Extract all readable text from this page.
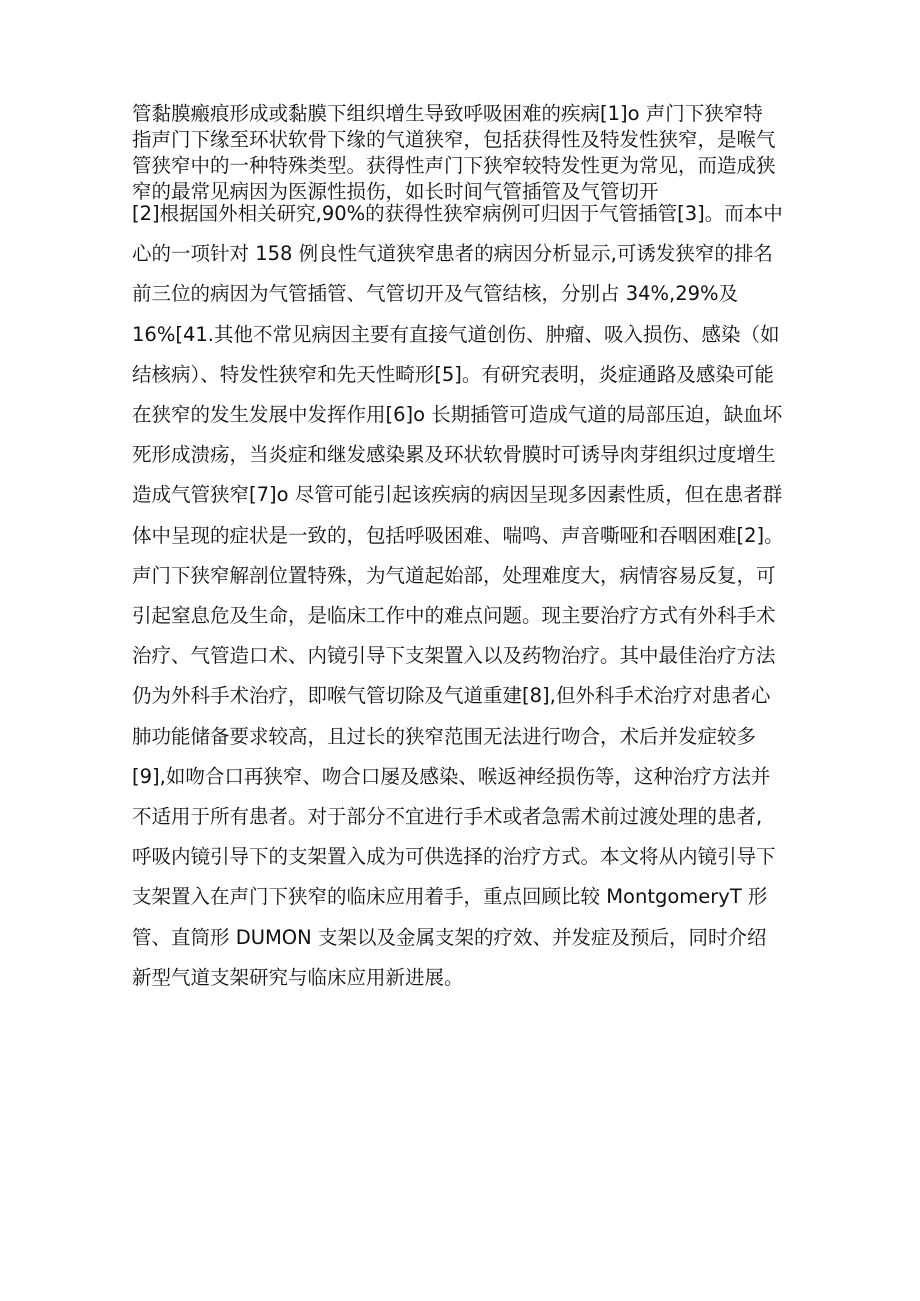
管黏膜瘢痕形成或黏膜下组织增生导致呼吸困难的疾病[1]o 声门下狭窄特
指声门下缘至环状软骨下缘的气道狭窄，包括获得性及特发性狭窄，是喉气
管狭窄中的一种特殊类型。获得性声门下狭窄较特发性更为常见，而造成狭
窄的最常见病因为医源性损伤，如长时间气管插管及气管切开
[2]根据国外相关研究,90%的获得性狭窄病例可归因于气管插管[3]。而本中
心的一项针对 158 例良性气道狭窄患者的病因分析显示,可诱发狭窄的排名
前三位的病因为气管插管、气管切开及气管结核，分别占 34%,29%及
16%[41.其他不常见病因主要有直接气道创伤、肿瘤、吸入损伤、感染（如
结核病）、特发性狭窄和先天性畸形[5]。有研究表明，炎症通路及感染可能
在狭窄的发生发展中发挥作用[6]o 长期插管可造成气道的局部压迫，缺血坏
死形成溃疡，当炎症和继发感染累及环状软骨膜时可诱导肉芽组织过度增生
造成气管狭窄[7]o 尽管可能引起该疾病的病因呈现多因素性质，但在患者群
体中呈现的症状是一致的，包括呼吸困难、喘鸣、声音嘶哑和吞咽困难[2]。
声门下狭窄解剖位置特殊，为气道起始部，处理难度大，病情容易反复，可
引起窒息危及生命，是临床工作中的难点问题。现主要治疗方式有外科手术
治疗、气管造口术、内镜引导下支架置入以及药物治疗。其中最佳治疗方法
仍为外科手术治疗，即喉气管切除及气道重建[8],但外科手术治疗对患者心
肺功能储备要求较高，且过长的狭窄范围无法进行吻合，术后并发症较多
[9],如吻合口再狭窄、吻合口屡及感染、喉返神经损伤等，这种治疗方法并
不适用于所有患者。对于部分不宜进行手术或者急需术前过渡处理的患者,
呼吸内镜引导下的支架置入成为可供选择的治疗方式。本文将从内镜引导下
支架置入在声门下狭窄的临床应用着手，重点回顾比较 MontgomeryT 形
管、直筒形 DUMON 支架以及金属支架的疗效、并发症及预后，同时介绍
新型气道支架研究与临床应用新进展。
